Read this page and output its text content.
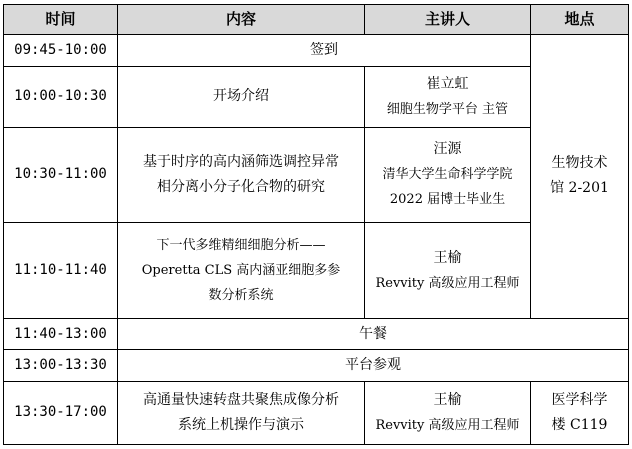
时间	内容	主讲人	地点
09:45-10:00	签到		生物技术
馆 2-201

10:00-10:30	开场介绍	崔立虹
细胞生物学平台 主管	

10:30-11:00	基于时序的高内涵筛选调控异常
相分离小分子化合物的研究	汪源
清华大学生命科学学院
2022 届博士毕业生	

11:10-11:40	下一代多维精细细胞分析——
Operetta CLS 高内涵亚细胞多参
数分析系统	王榆
Revvity 高级应用工程师	

11:40-13:00	午餐		

13:00-13:30	平台参观		

13:30-17:00	高通量快速转盘共聚焦成像分析
系统上机操作与演示	王榆
Revvity 高级应用工程师	医学科学
楼 C119
